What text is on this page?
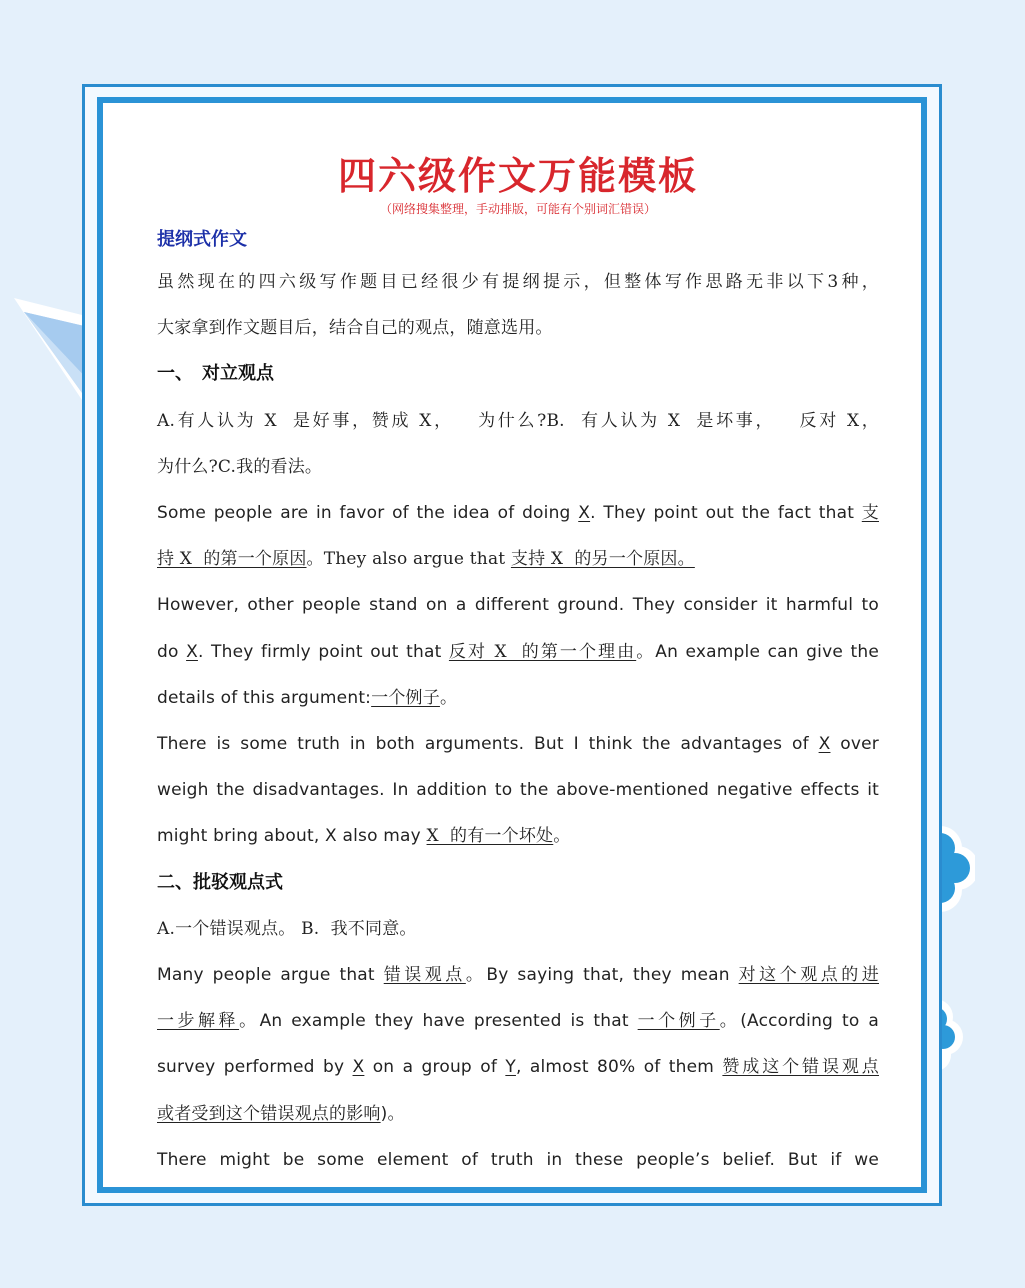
四六级作文万能模板
（网络搜集整理，手动排版，可能有个别词汇错误）
提纲式作文
虽然现在的四六级写作题目已经很少有提纲提示，但整体写作思路无非以下3种，
大家拿到作文题目后，结合自己的观点，随意选用。
一、　对立观点
A.有人认为 X  是好事，赞成 X，   为什么?B.  有人认为 X  是坏事，   反对 X，
为什么?C.我的看法。
Some people are in favor of the idea of doing X. They point out the fact that 支
持 X  的第一个原因。They also argue that 支持 X  的另一个原因。
However, other people stand on a different ground. They consider it harmful to
do X. They firmly point out that 反对 X  的第一个理由。An example can give the
details of this argument:一个例子。
There is some truth in both arguments. But I think the advantages of X over
weigh the disadvantages. In addition to the above-mentioned negative effects it
might bring about, X also may X  的有一个坏处。
二、批驳观点式
A.一个错误观点。 B.  我不同意。
Many people argue that 错误观点。By saying that, they mean 对这个观点的进
一步解释。An example they have presented is that 一个例子。(According to a
survey performed by X on a group of Y, almost 80% of them 赞成这个错误观点
或者受到这个错误观点的影响)。
There might be some element of truth in these people’s belief. But if we
